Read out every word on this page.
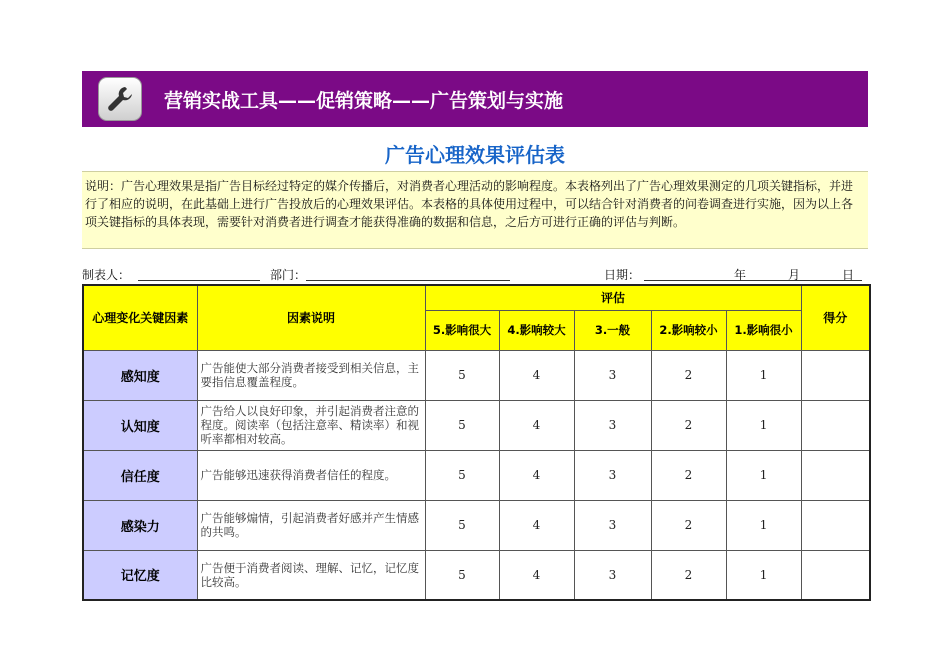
营销实战工具——促销策略——广告策划与实施
广告心理效果评估表
说明：广告心理效果是指广告目标经过特定的媒介传播后，对消费者心理活动的影响程度。本表格列出了广告心理效果测定的几项关键指标，并进行了相应的说明，在此基础上进行广告投放后的心理效果评估。本表格的具体使用过程中，可以结合针对消费者的问卷调查进行实施，因为以上各项关键指标的具体表现，需要针对消费者进行调查才能获得准确的数据和信息，之后方可进行正确的评估与判断。
制表人：	部门：	日期：	年	月	日
心理变化关键因素	因素说明	评估					得分
		5.影响很大	4.影响较大	3.一般	2.影响较小	1.影响很小	
感知度	广告能使大部分消费者接受到相关信息，主要指信息覆盖程度。	5	4	3	2	1	
认知度	广告给人以良好印象，并引起消费者注意的程度。阅读率（包括注意率、精读率）和视听率都相对较高。	5	4	3	2	1	
信任度	广告能够迅速获得消费者信任的程度。	5	4	3	2	1	
感染力	广告能够煽情，引起消费者好感并产生情感的共鸣。	5	4	3	2	1	
记忆度	广告便于消费者阅读、理解、记忆，记忆度比较高。	5	4	3	2	1	
